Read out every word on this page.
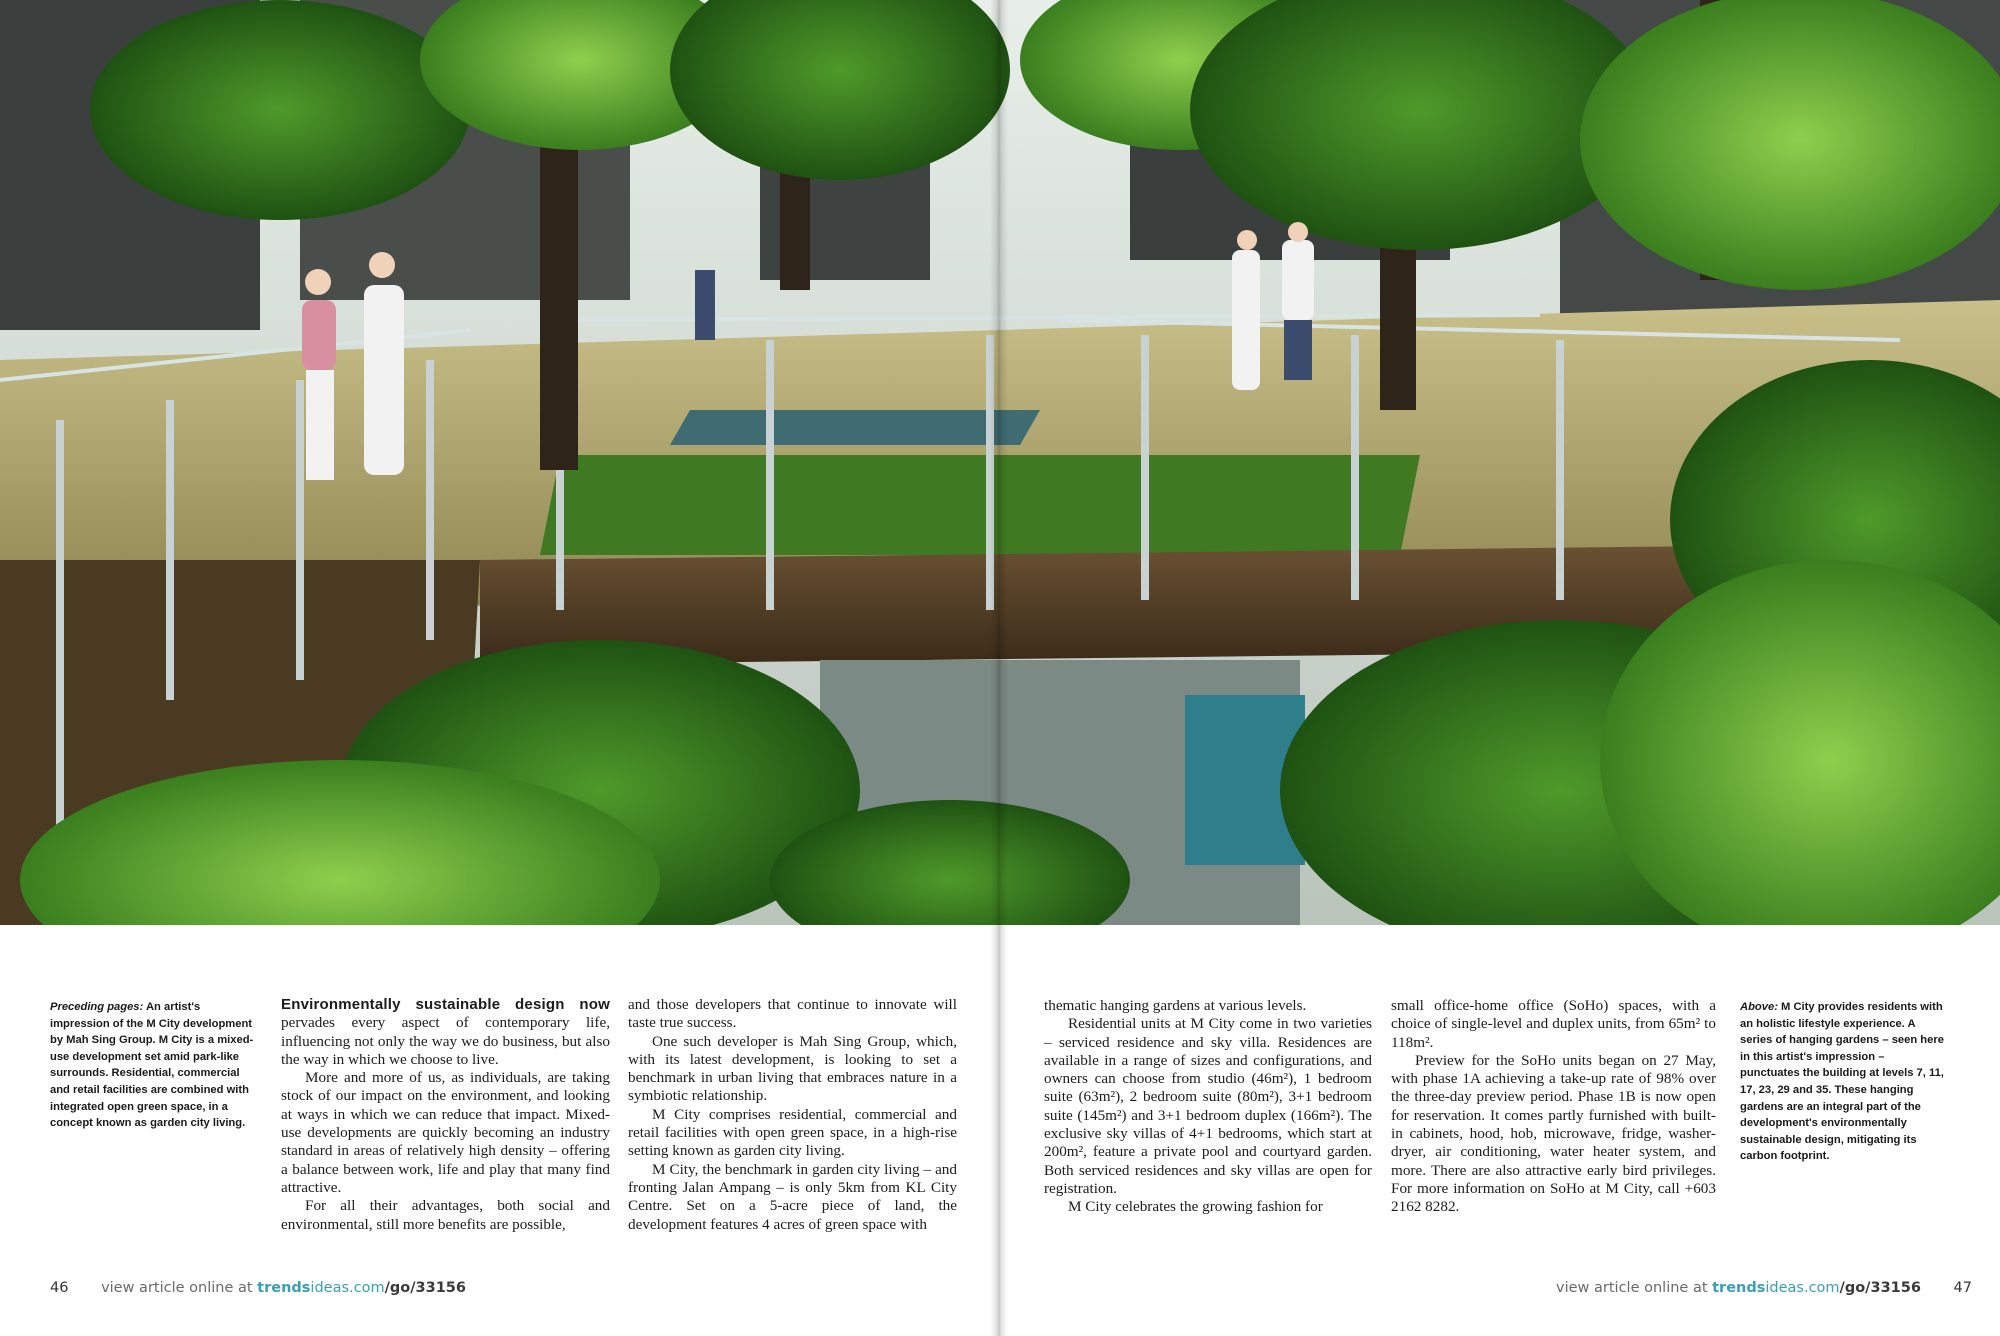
Preceding pages: An artist's impression of the M City development by Mah Sing Group. M City is a mixed-use development set amid park-like surrounds. Residential, commercial and retail facilities are combined with integrated open green space, in a concept known as garden city living.

Environmentally sustainable design now pervades every aspect of contemporary life, influencing not only the way we do business, but also the way in which we choose to live.

More and more of us, as individuals, are taking stock of our impact on the environment, and looking at ways in which we can reduce that impact. Mixed-use developments are quickly becoming an industry standard in areas of relatively high density – offering a balance between work, life and play that many find attractive.

For all their advantages, both social and environmental, still more benefits are possible,

and those developers that continue to innovate will taste true success.

One such developer is Mah Sing Group, which, with its latest development, is looking to set a benchmark in urban living that embraces nature in a symbiotic relationship.

M City comprises residential, commercial and retail facilities with open green space, in a high-rise setting known as garden city living.

M City, the benchmark in garden city living – and fronting Jalan Ampang – is only 5km from KL City Centre. Set on a 5-acre piece of land, the development features 4 acres of green space with

46 view article online at trendsideas.com/go/33156

thematic hanging gardens at various levels.

Residential units at M City come in two varieties – serviced residence and sky villa. Residences are available in a range of sizes and configurations, and owners can choose from studio (46m²), 1 bedroom suite (63m²), 2 bedroom suite (80m²), 3+1 bedroom suite (145m²) and 3+1 bedroom duplex (166m²). The exclusive sky villas of 4+1 bedrooms, which start at 200m², feature a private pool and courtyard garden. Both serviced residences and sky villas are open for registration.

M City celebrates the growing fashion for

small office-home office (SoHo) spaces, with a choice of single-level and duplex units, from 65m² to 118m².

Preview for the SoHo units began on 27 May, with phase 1A achieving a take-up rate of 98% over the three-day preview period. Phase 1B is now open for reservation. It comes partly furnished with built-in cabinets, hood, hob, microwave, fridge, washer-dryer, air conditioning, water heater system, and more. There are also attractive early bird privileges. For more information on SoHo at M City, call +603 2162 8282.

Above: M City provides residents with an holistic lifestyle experience. A series of hanging gardens – seen here in this artist's impression – punctuates the building at levels 7, 11, 17, 23, 29 and 35. These hanging gardens are an integral part of the development's environmentally sustainable design, mitigating its carbon footprint.
view article online at trendsideas.com/go/33156 47
